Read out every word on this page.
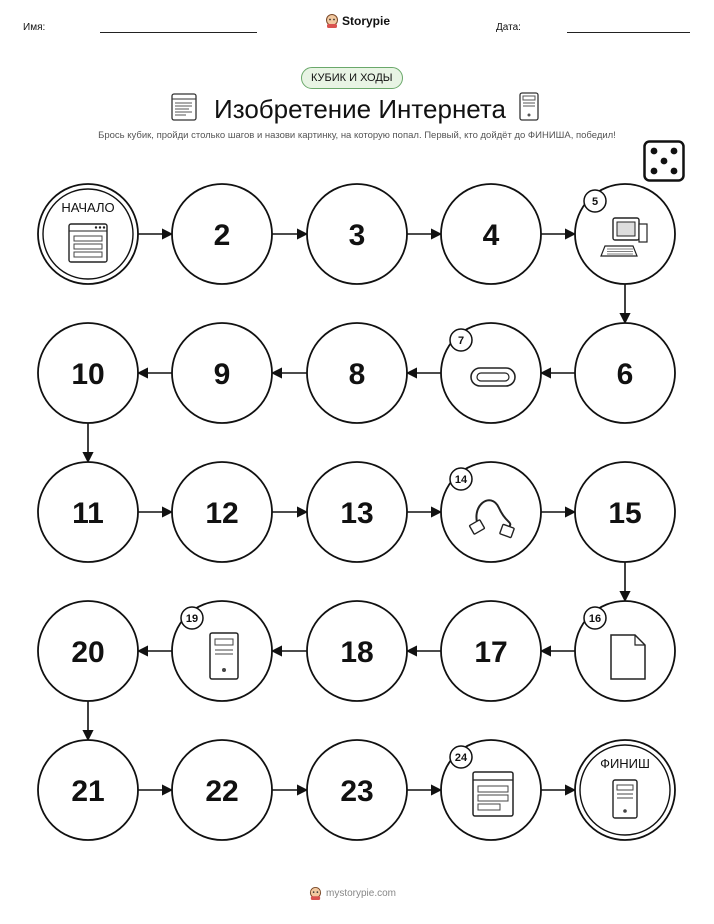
Имя:	Storypie	Дата:
КУБИК И ХОДЫ
Изобретение Интернета
Брось кубик, пройди столько шагов и назови картинку, на которую попал. Первый, кто дойдёт до ФИНИША, победил!
НАЧАЛО
2	3	4
5
6
7
8
9
10
11	12	13
14
15
16
17
18
19
20
21	22	23
24	ФИНИШ
mystorypie.com
